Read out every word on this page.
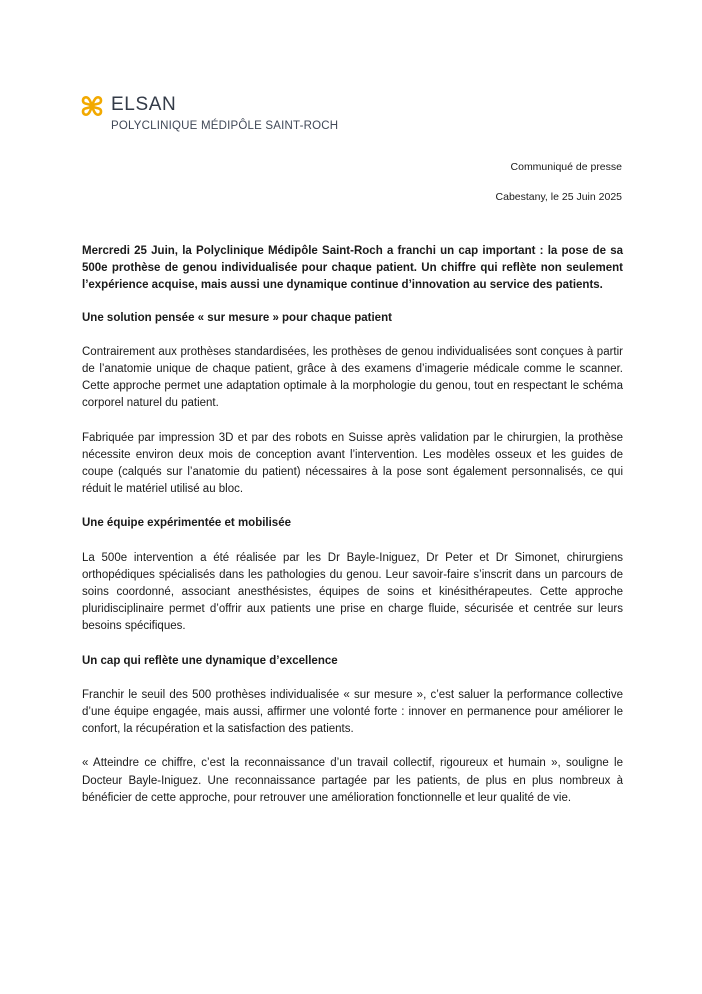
ELSAN
POLYCLINIQUE MÉDIPÔLE SAINT-ROCH
Communiqué de presse
Cabestany, le 25 Juin 2025

Mercredi 25 Juin, la Polyclinique Médipôle Saint-Roch a franchi un cap important : la pose de sa 500e prothèse de genou individualisée pour chaque patient. Un chiffre qui reflète non seulement l’expérience acquise, mais aussi une dynamique continue d’innovation au service des patients.

Une solution pensée « sur mesure » pour chaque patient

Contrairement aux prothèses standardisées, les prothèses de genou individualisées sont conçues à partir de l’anatomie unique de chaque patient, grâce à des examens d’imagerie médicale comme le scanner. Cette approche permet une adaptation optimale à la morphologie du genou, tout en respectant le schéma corporel naturel du patient.

Fabriquée par impression 3D et par des robots en Suisse après validation par le chirurgien, la prothèse nécessite environ deux mois de conception avant l’intervention. Les modèles osseux et les guides de coupe (calqués sur l’anatomie du patient) nécessaires à la pose sont également personnalisés, ce qui réduit le matériel utilisé au bloc.

Une équipe expérimentée et mobilisée

La 500e intervention a été réalisée par les Dr Bayle-Iniguez, Dr Peter et Dr Simonet, chirurgiens orthopédiques spécialisés dans les pathologies du genou. Leur savoir-faire s’inscrit dans un parcours de soins coordonné, associant anesthésistes, équipes de soins et kinésithérapeutes. Cette approche pluridisciplinaire permet d’offrir aux patients une prise en charge fluide, sécurisée et centrée sur leurs besoins spécifiques.

Un cap qui reflète une dynamique d’excellence

Franchir le seuil des 500 prothèses individualisée « sur mesure », c’est saluer la performance collective d’une équipe engagée, mais aussi, affirmer une volonté forte : innover en permanence pour améliorer le confort, la récupération et la satisfaction des patients.

« Atteindre ce chiffre, c’est la reconnaissance d’un travail collectif, rigoureux et humain », souligne le Docteur Bayle-Iniguez. Une reconnaissance partagée par les patients, de plus en plus nombreux à bénéficier de cette approche, pour retrouver une amélioration fonctionnelle et leur qualité de vie.
